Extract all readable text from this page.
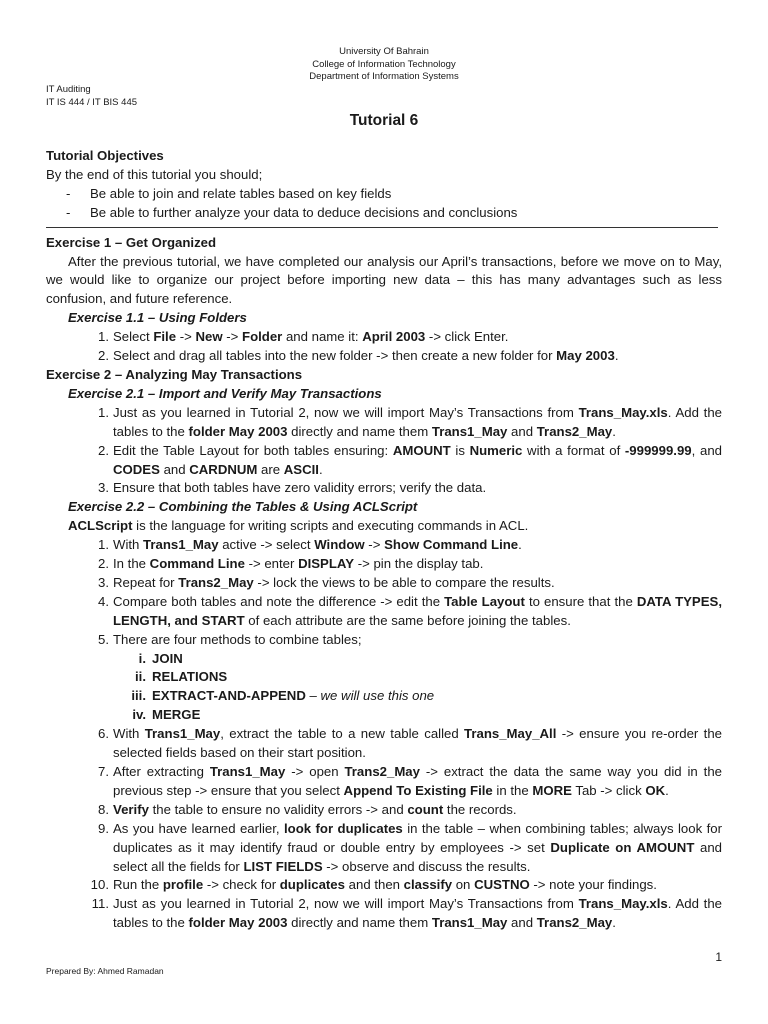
University Of Bahrain
College of Information Technology
Department of Information Systems
IT Auditing
IT IS 444 / IT BIS 445
Tutorial 6

Tutorial Objectives

By the end of this tutorial you should;

-	Be able to join and relate tables based on key fields
-	Be able to further analyze your data to deduce decisions and conclusions

Exercise 1 – Get Organized

After the previous tutorial, we have completed our analysis our April’s transactions, before we move on to May, we would like to organize our project before importing new data – this has many advantages such as less confusion, and future reference.

Exercise 1.1 – Using Folders

1. Select File -> New -> Folder and name it: April 2003 -> click Enter.
2. Select and drag all tables into the new folder -> then create a new folder for May 2003.

Exercise 2 – Analyzing May Transactions

Exercise 2.1 – Import and Verify May Transactions

1. Just as you learned in Tutorial 2, now we will import May’s Transactions from Trans_May.xls. Add the tables to the folder May 2003 directly and name them Trans1_May and Trans2_May.
2. Edit the Table Layout for both tables ensuring: AMOUNT is Numeric with a format of -999999.99, and CODES and CARDNUM are ASCII.
3. Ensure that both tables have zero validity errors; verify the data.

Exercise 2.2 – Combining the Tables & Using ACLScript

ACLScript is the language for writing scripts and executing commands in ACL.

1. With Trans1_May active -> select Window -> Show Command Line.
2. In the Command Line -> enter DISPLAY -> pin the display tab.
3. Repeat for Trans2_May -> lock the views to be able to compare the results.
4. Compare both tables and note the difference -> edit the Table Layout to ensure that the DATA TYPES, LENGTH, and START of each attribute are the same before joining the tables.
5. There are four methods to combine tables;
i. JOIN
ii. RELATIONS
iii. EXTRACT-AND-APPEND – we will use this one
iv. MERGE
6. With Trans1_May, extract the table to a new table called Trans_May_All -> ensure you re-order the selected fields based on their start position.
7. After extracting Trans1_May -> open Trans2_May -> extract the data the same way you did in the previous step -> ensure that you select Append To Existing File in the MORE Tab -> click OK.
8. Verify the table to ensure no validity errors -> and count the records.
9. As you have learned earlier, look for duplicates in the table – when combining tables; always look for duplicates as it may identify fraud or double entry by employees -> set Duplicate on AMOUNT and select all the fields for LIST FIELDS -> observe and discuss the results.
10. Run the profile -> check for duplicates and then classify on CUSTNO -> note your findings.
11. Just as you learned in Tutorial 2, now we will import May’s Transactions from Trans_May.xls. Add the tables to the folder May 2003 directly and name them Trans1_May and Trans2_May.
1
Prepared By: Ahmed Ramadan
